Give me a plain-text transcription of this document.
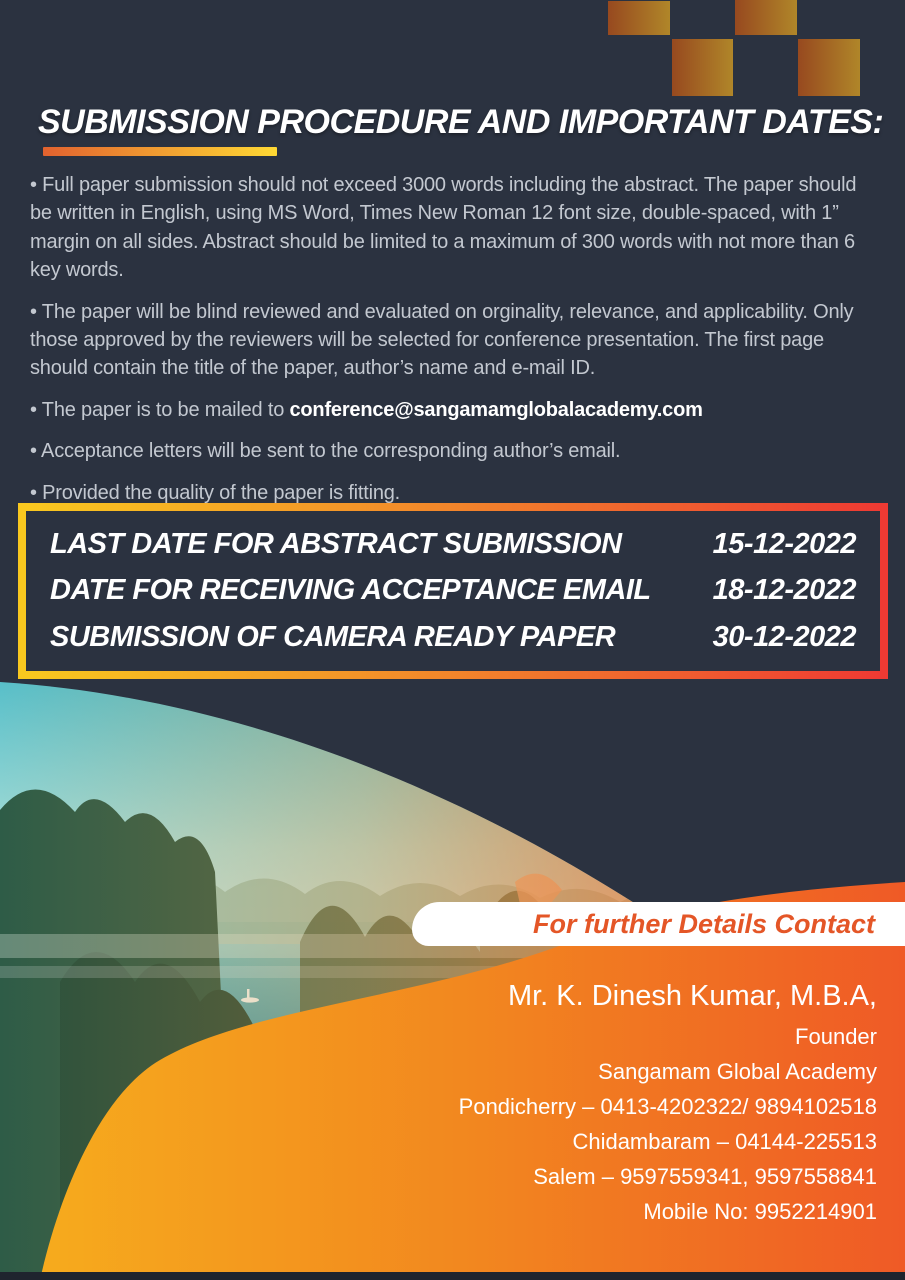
SUBMISSION PROCEDURE AND IMPORTANT DATES:

• Full paper submission should not exceed 3000 words including the abstract. The paper should be written in English, using MS Word, Times New Roman 12 font size, double-spaced, with 1” margin on all sides. Abstract should be limited to a maximum of 300 words with not more than 6 key words.

• The paper will be blind reviewed and evaluated on orginality, relevance, and applicability. Only those approved by the reviewers will be selected for conference presentation. The first page should contain the title of the paper, author’s name and e-mail ID.

• The paper is to be mailed to conference@sangamamglobalacademy.com

• Acceptance letters will be sent to the corresponding author’s email.

• Provided the quality of the paper is fitting.

LAST DATE FOR ABSTRACT SUBMISSION	15-12-2022
DATE FOR RECEIVING ACCEPTANCE EMAIL 18-12-2022
SUBMISSION OF CAMERA READY PAPER	30-12-2022
For further Details Contact
Mr. K. Dinesh Kumar, M.B.A,
Founder
Sangamam Global Academy
Pondicherry – 0413-4202322/ 9894102518
Chidambaram – 04144-225513
Salem – 9597559341, 9597558841
Mobile No: 9952214901
